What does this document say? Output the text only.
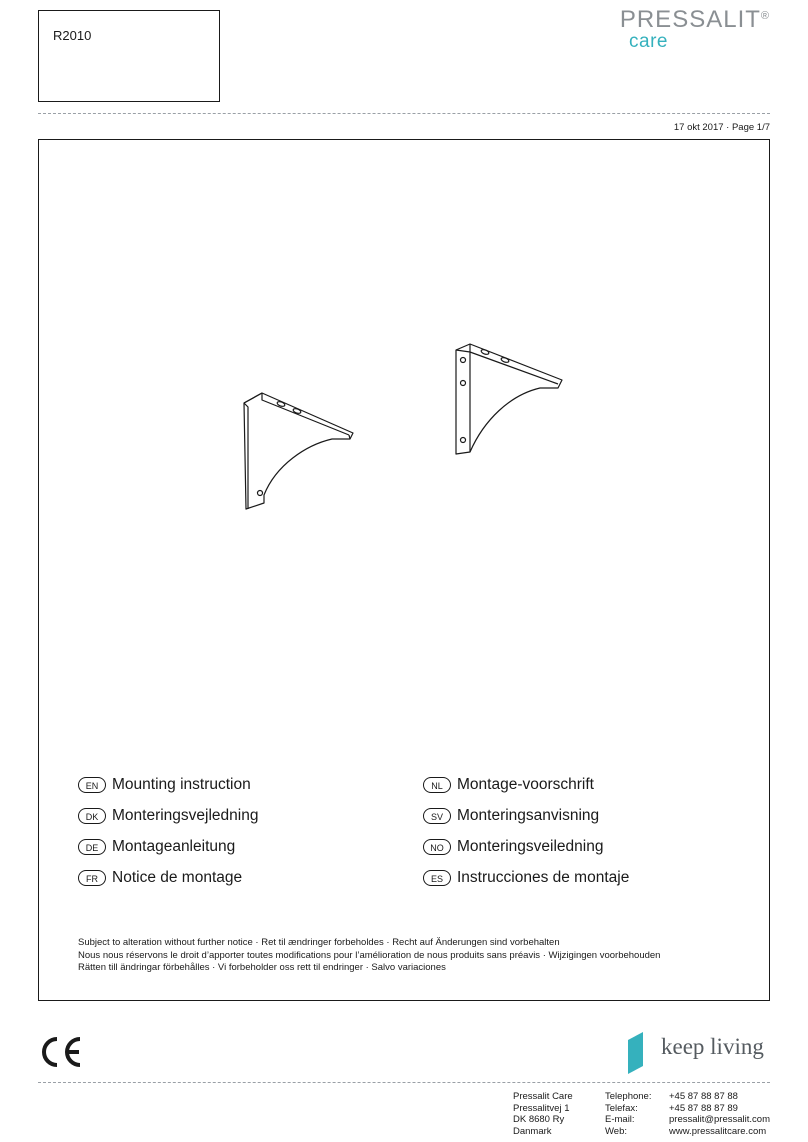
R2010
PRESSALIT®
care
17 okt 2017 · Page 1/7
EN Mounting instruction
DK Monteringsvejledning
DE Montageanleitung
FR Notice de montage
NL Montage-voorschrift
SV Monteringsanvisning
NO Monteringsveiledning
ES Instrucciones de montaje
Subject to alteration without further notice · Ret til ændringer forbeholdes · Recht auf Änderungen sind vorbehalten
Nous nous réservons le droit d’apporter toutes modifications pour l’amélioration de nous produits sans préavis · Wijzigingen voorbehouden
Rätten till ändringar förbehålles · Vi forbeholder oss rett til endringer · Salvo variaciones
keep living
Pressalit Care
Pressalitvej 1
DK 8680 Ry
Danmark
Telephone:
Telefax:
E-mail:
Web:
+45 87 88 87 88
+45 87 88 87 89
pressalit@pressalit.com
www.pressalitcare.com
